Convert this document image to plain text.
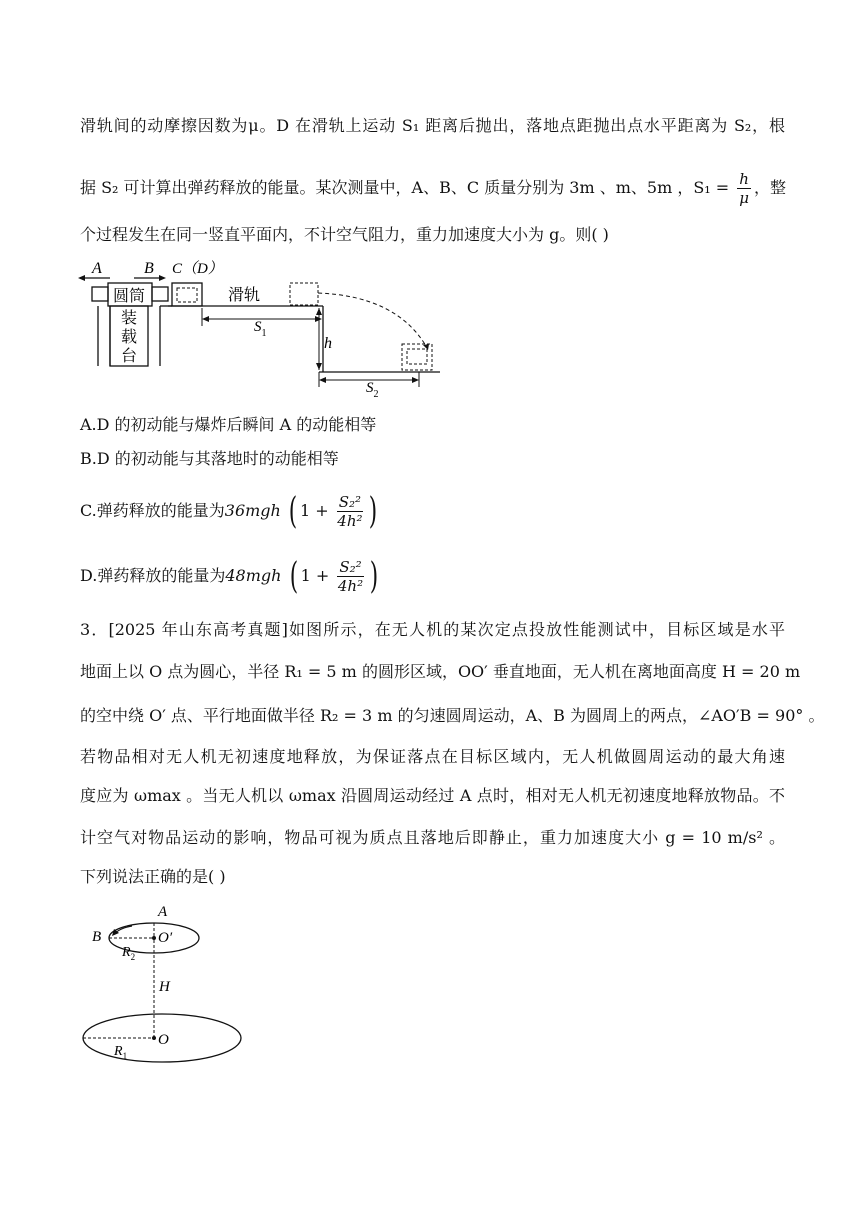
滑轨间的动摩擦因数为μ。D 在滑轨上运动 S₁ 距离后抛出，落地点距抛出点水平距离为 S₂，根
据 S₂ 可计算出弹药释放的能量。某次测量中，A、B、C 质量分别为 3m 、m、5m ，$S_1 = \frac{h}{\mu}$ ，整
个过程发生在同一竖直平面内，不计空气阻力，重力加速度大小为 g。则( )
A	B C（D）
圆筒
装
载
台
滑轨
$S_1$
h
$S_2$
A.D 的初动能与爆炸后瞬间 A 的动能相等
B.D 的初动能与其落地时的动能相等
C.弹药释放的能量为36mgh ( $1 + \frac{\text{S₂²}}{\text{4h²}}$ )
D.弹药释放的能量为48mgh ( $1 + \frac{\text{S₂²}}{\text{4h²}}$ )
3．[2025 年山东高考真题]如图所示，在无人机的某次定点投放性能测试中，目标区域是水平
地面上以 O 点为圆心，半径 R₁ = 5 m 的圆形区域，OO′ 垂直地面，无人机在离地面高度 H = 20 m
的空中绕 O′ 点、平行地面做半径 R₂ = 3 m 的匀速圆周运动，A、B 为圆周上的两点，∠AO′B = 90° 。
若物品相对无人机无初速度地释放，为保证落点在目标区域内，无人机做圆周运动的最大角速
度应为 ωmax 。当无人机以 ωmax 沿圆周运动经过 A 点时，相对无人机无初速度地释放物品。不
计空气对物品运动的影响，物品可视为质点且落地后即静止，重力加速度大小 g = 10 m/s² 。
下列说法正确的是( )
A
B	O′
$R_2$
H
O
$R_1$
